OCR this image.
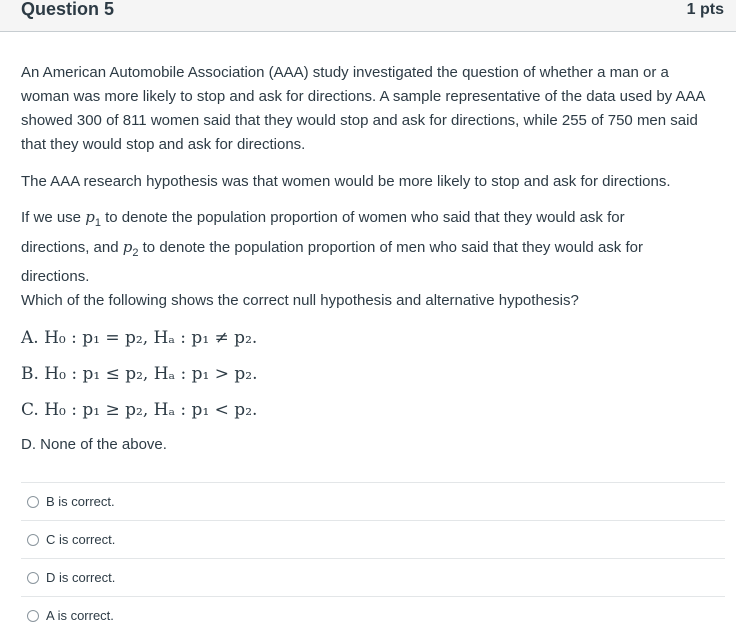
Question 5	1 pts
An American Automobile Association (AAA) study investigated the question of whether a man or a woman was more likely to stop and ask for directions. A sample representative of the data used by AAA showed 300 of 811 women said that they would stop and ask for directions, while 255 of 750 men said that they would stop and ask for directions.
The AAA research hypothesis was that women would be more likely to stop and ask for directions.
If we use $p_1$ to denote the population proportion of women who said that they would ask for
directions, and $p_2$ to denote the population proportion of men who said that they would ask for
directions.
Which of the following shows the correct null hypothesis and alternative hypothesis?
A. H₀ : p₁ = p₂, Hₐ : p₁ ≠ p₂.
B. H₀ : p₁ ≤ p₂, Hₐ : p₁ > p₂.
C. H₀ : p₁ ≥ p₂, Hₐ : p₁ < p₂.
D. None of the above.
B is correct.
C is correct.
D is correct.
A is correct.
